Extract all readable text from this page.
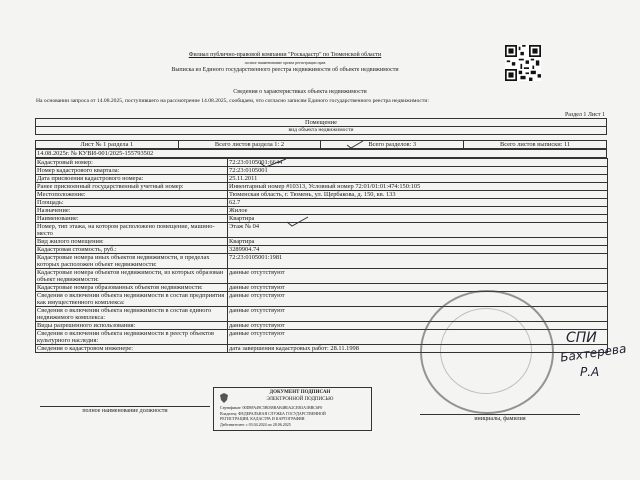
Филиал публично-правовой компании "Роскадастр" по Тюменской области
полное наименование органа регистрации прав
Выписка из Единого государственного реестра недвижимости об объекте недвижимости
Сведения о характеристиках объекта недвижимости
На основании запроса от 14.08.2025, поступившего на рассмотрение 14.08.2025, сообщаем, что согласно записям Единого государственного реестра недвижимости:
Раздел 1 Лист 1
Помещение
вид объекта недвижимости
Лист № 1 раздела 1	Всего листов раздела 1: 2	Всего разделов: 3	Всего листов выписки: 11
14.08.2025г. № КУВИ-001/2025-155793502
Кадастровый номер:	72:23:0105001:6644
Номер кадастрового квартала:	72:23:0105001
Дата присвоения кадастрового номера:	25.11.2011
Ранее присвоенный государственный учетный номер:	Инвентарный номер #10313, Условный номер 72:01/01:01:474:150:105
Местоположение:	Тюменская область, г. Тюмень, ул. Щербакова, д. 150, кв. 133
Площадь:	62.7
Назначение:	Жилое
Наименование:	Квартира
Номер, тип этажа, на котором расположено помещение, машино-место	Этаж № 04
Вид жилого помещения:	Квартира
Кадастровая стоимость, руб.:	3289904.74
Кадастровые номера иных объектов недвижимости, в пределах которых расположен объект недвижимости:	72:23:0105001:1981
Кадастровые номера объектов недвижимости, из которых образован объект недвижимости:	данные отсутствуют
Кадастровые номера образованных объектов недвижимости:	данные отсутствуют
Сведения о включении объекта недвижимости в состав предприятия как имущественного комплекса:	данные отсутствуют
Сведения о включении объекта недвижимости в состав единого недвижимого комплекса:	данные отсутствуют
Виды разрешенного использования:	данные отсутствуют
Сведения о включении объекта недвижимости в реестр объектов культурного наследия:	данные отсутствуют
Сведения о кадастровом инженере:	дата завершения кадастровых работ: 28.11.1998
СПИ
Бахтерева
Р.А
полное наименование должности
ДОКУМЕНТ ПОДПИСАН
ЭЛЕКТРОННОЙ ПОДПИСЬЮ
Сертификат: 00D8FA49C5B038BAB4B0A2CEB3A1BBC6F0
Владелец: ФЕДЕРАЛЬНАЯ СЛУЖБА ГОСУДАРСТВЕННОЙ
РЕГИСТРАЦИИ, КАДАСТРА И КАРТОГРАФИИ
Действителен: с 03.04.2024 по 28.06.2025
инициалы, фамилия
